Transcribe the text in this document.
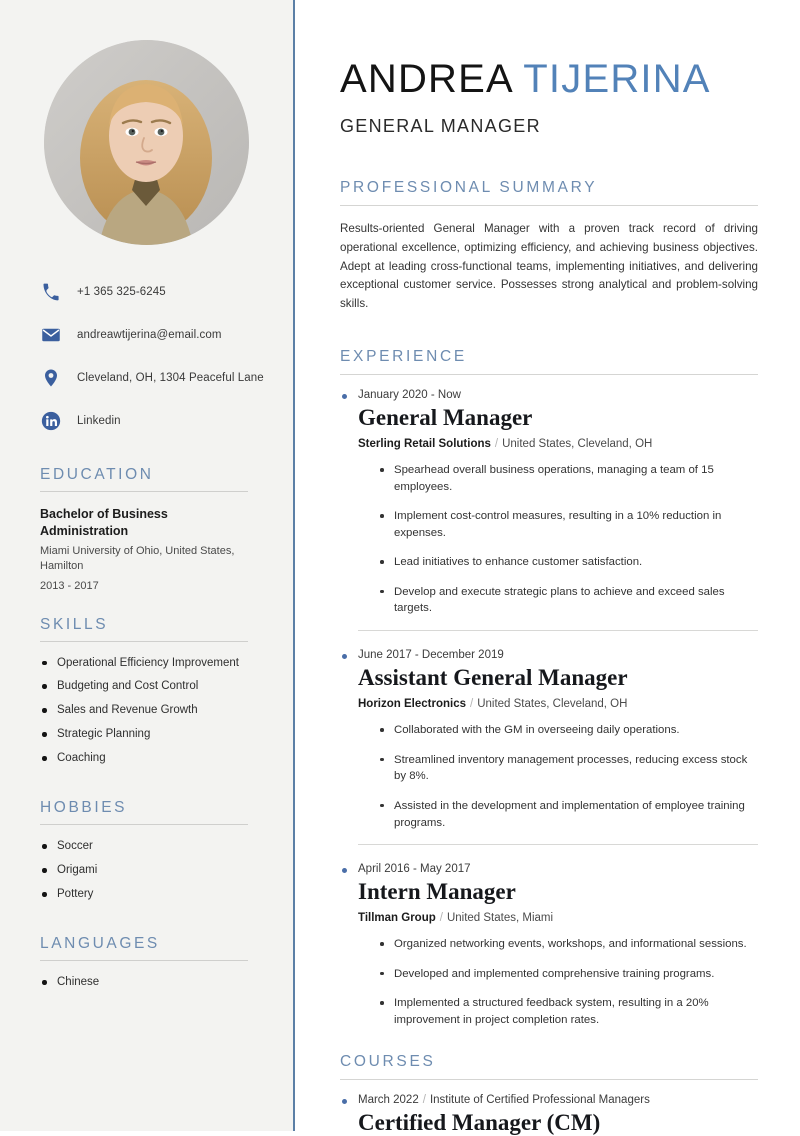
+1 365 325-6245
andreawtijerina@email.com
Cleveland, OH, 1304 Peaceful Lane
Linkedin
EDUCATION
Bachelor of Business Administration
Miami University of Ohio, United States, Hamilton
2013 - 2017
SKILLS
Operational Efficiency Improvement
Budgeting and Cost Control
Sales and Revenue Growth
Strategic Planning
Coaching
HOBBIES
Soccer
Origami
Pottery
LANGUAGES
Chinese
ANDREA TIJERINA
GENERAL MANAGER
PROFESSIONAL SUMMARY

Results-oriented General Manager with a proven track record of driving operational excellence, optimizing efficiency, and achieving business objectives. Adept at leading cross-functional teams, implementing initiatives, and delivering exceptional customer service. Possesses strong analytical and problem-solving skills.

EXPERIENCE
January 2020 - Now
General Manager
Sterling Retail Solutions / United States, Cleveland, OH
Spearhead overall business operations, managing a team of 15 employees.
Implement cost-control measures, resulting in a 10% reduction in expenses.
Lead initiatives to enhance customer satisfaction.
Develop and execute strategic plans to achieve and exceed sales targets.
June 2017 - December 2019
Assistant General Manager
Horizon Electronics / United States, Cleveland, OH
Collaborated with the GM in overseeing daily operations.
Streamlined inventory management processes, reducing excess stock by 8%.
Assisted in the development and implementation of employee training programs.
April 2016 - May 2017
Intern Manager
Tillman Group / United States, Miami
Organized networking events, workshops, and informational sessions.
Developed and implemented comprehensive training programs.
Implemented a structured feedback system, resulting in a 20% improvement in project completion rates.
COURSES
March 2022 / Institute of Certified Professional Managers
Certified Manager (CM)
